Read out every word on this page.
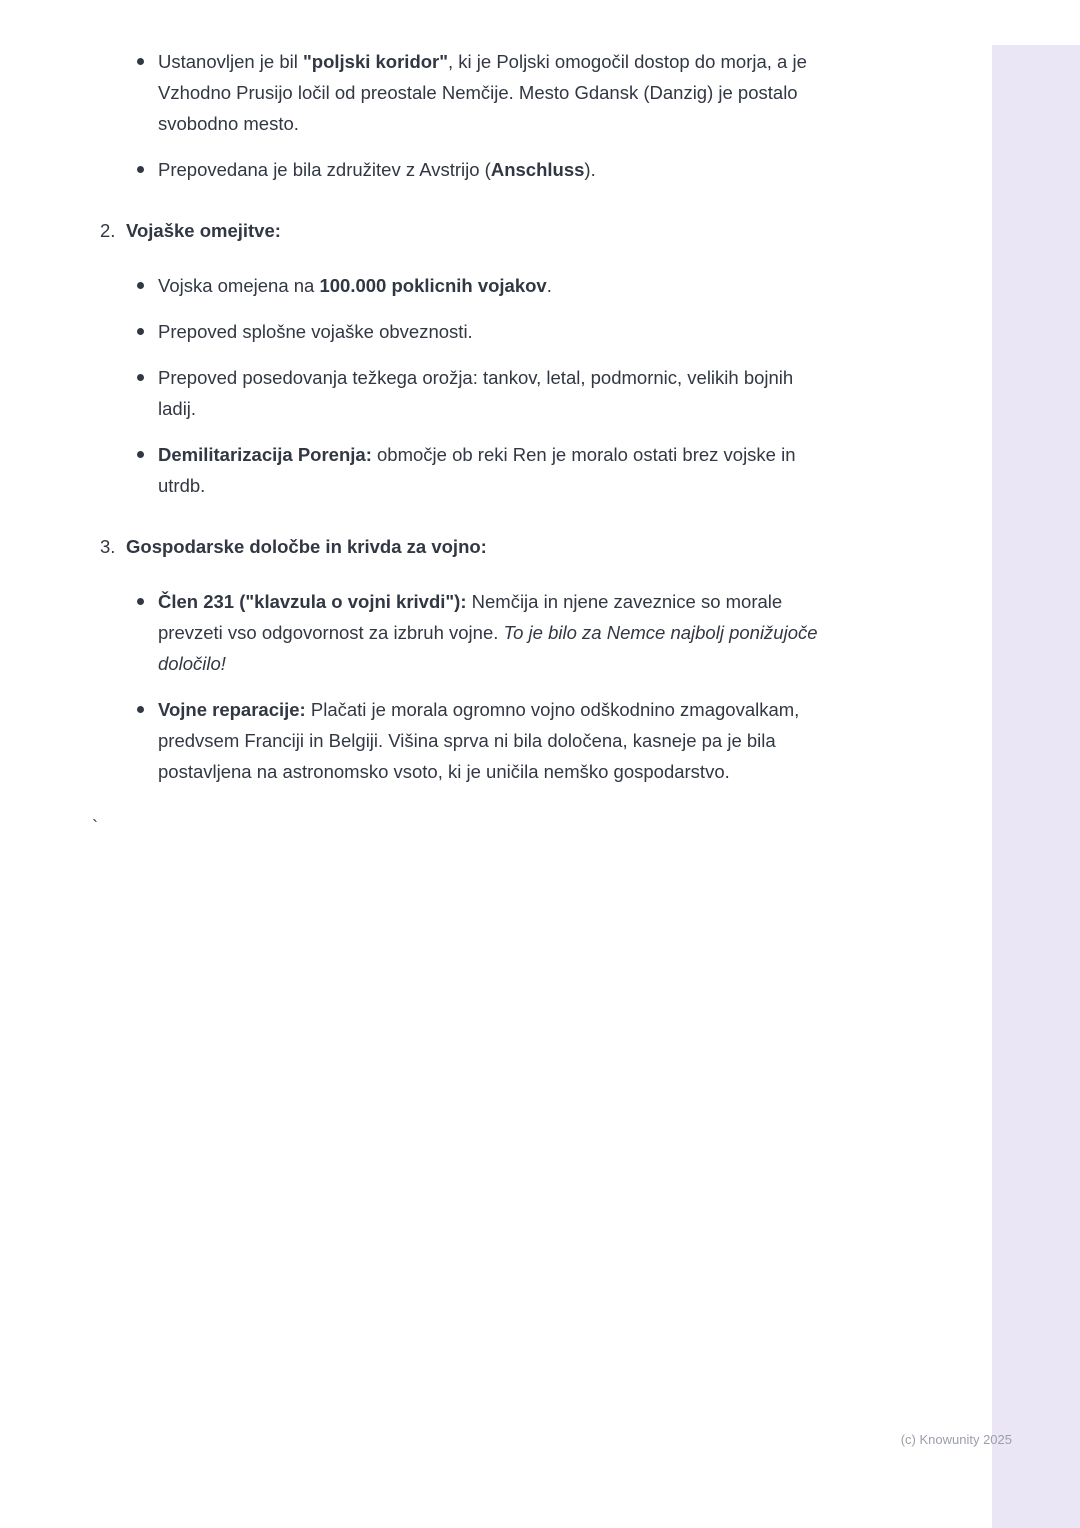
Ustanovljen je bil "poljski koridor", ki je Poljski omogočil dostop do morja, a je Vzhodno Prusijo ločil od preostale Nemčije. Mesto Gdansk (Danzig) je postalo svobodno mesto.
Prepovedana je bila združitev z Avstrijo (Anschluss).
2. Vojaške omejitve:
Vojska omejena na 100.000 poklicnih vojakov.
Prepoved splošne vojaške obveznosti.
Prepoved posedovanja težkega orožja: tankov, letal, podmornic, velikih bojnih ladij.
Demilitarizacija Porenja: območje ob reki Ren je moralo ostati brez vojske in utrdb.
3. Gospodarske določbe in krivda za vojno:
Člen 231 ("klavzula o vojni krivdi"): Nemčija in njene zaveznice so morale prevzeti vso odgovornost za izbruh vojne. To je bilo za Nemce najbolj ponižujoče določilo!
Vojne reparacije: Plačati je morala ogromno vojno odškodnino zmagovalkam, predvsem Franciji in Belgiji. Višina sprva ni bila določena, kasneje pa je bila postavljena na astronomsko vsoto, ki je uničila nemško gospodarstvo.
`
(c) Knowunity 2025
